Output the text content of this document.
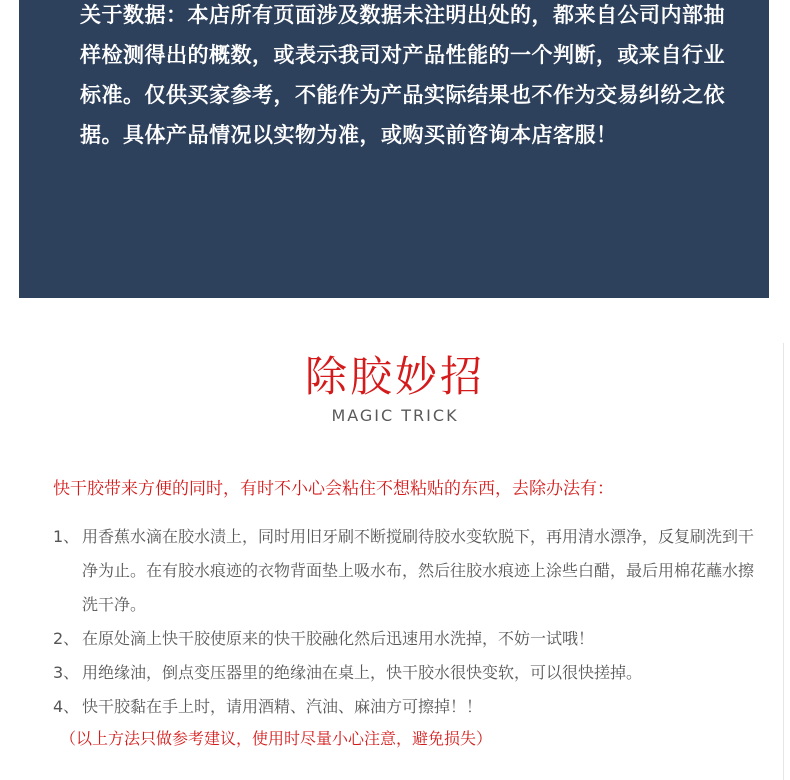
关于数据：本店所有页面涉及数据未注明出处的，都来自公司内部抽样检测得出的概数，或表示我司对产品性能的一个判断，或来自行业标准。仅供买家参考，不能作为产品实际结果也不作为交易纠纷之依据。具体产品情况以实物为准，或购买前咨询本店客服！

除胶妙招
MAGIC TRICK
快干胶带来方便的同时，有时不小心会粘住不想粘贴的东西，去除办法有：
1、 用香蕉水滴在胶水渍上，同时用旧牙刷不断搅刷待胶水变软脱下，再用清水漂净，反复刷洗到干净为止。在有胶水痕迹的衣物背面垫上吸水布，然后往胶水痕迹上涂些白醋，最后用棉花蘸水擦洗干净。
2、 在原处滴上快干胶使原来的快干胶融化然后迅速用水洗掉，不妨一试哦！
3、 用绝缘油，倒点变压器里的绝缘油在桌上，快干胶水很快变软，可以很快搓掉。
4、 快干胶黏在手上时，请用酒精、汽油、麻油方可擦掉！！
（以上方法只做参考建议，使用时尽量小心注意，避免损失）
